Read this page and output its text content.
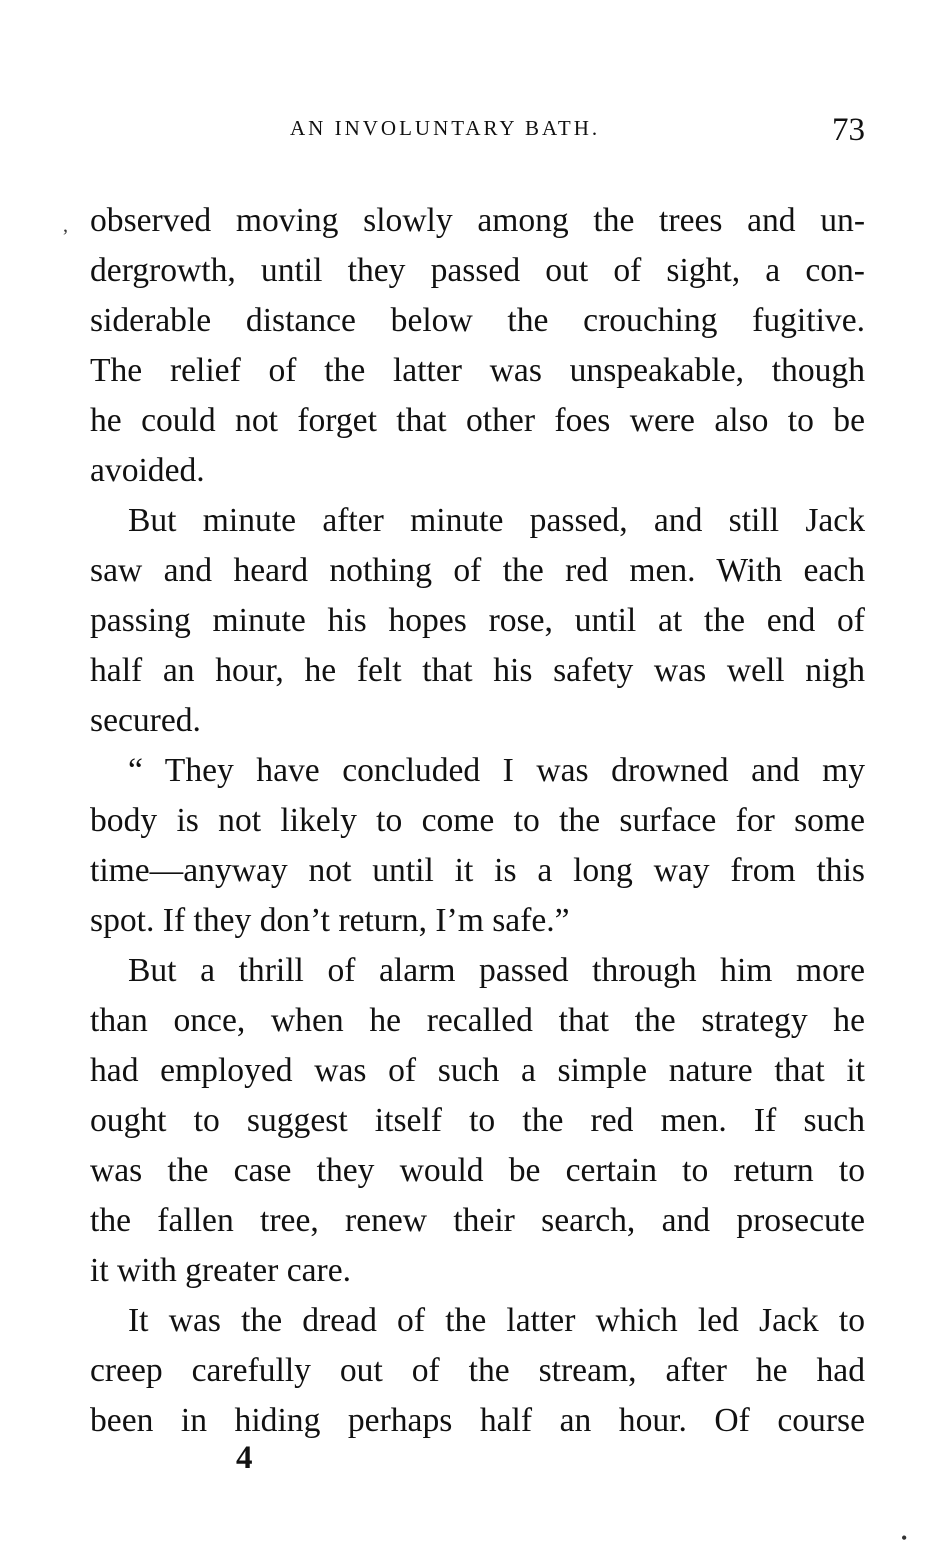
AN INVOLUNTARY BATH.	73
ʼ observed moving slowly among the trees and un-
dergrowth, until they passed out of sight, a con-
siderable distance below the crouching fugitive.
The relief of the latter was unspeakable, though
he could not forget that other foes were also to be
avoided.
But minute after minute passed, and still Jack
saw and heard nothing of the red men. With each
passing minute his hopes rose, until at the end of
half an hour, he felt that his safety was well nigh
secured.
“ They have concluded I was drowned and my
body is not likely to come to the surface for some
time—anyway not until it is a long way from this
spot. If they don’t return, I’m safe.”
But a thrill of alarm passed through him more
than once, when he recalled that the strategy he
had employed was of such a simple nature that it
ought to suggest itself to the red men. If such
was the case they would be certain to return to
the fallen tree, renew their search, and prosecute
it with greater care.
It was the dread of the latter which led Jack to
creep carefully out of the stream, after he had
been in hiding perhaps half an hour. Of course
4
•
